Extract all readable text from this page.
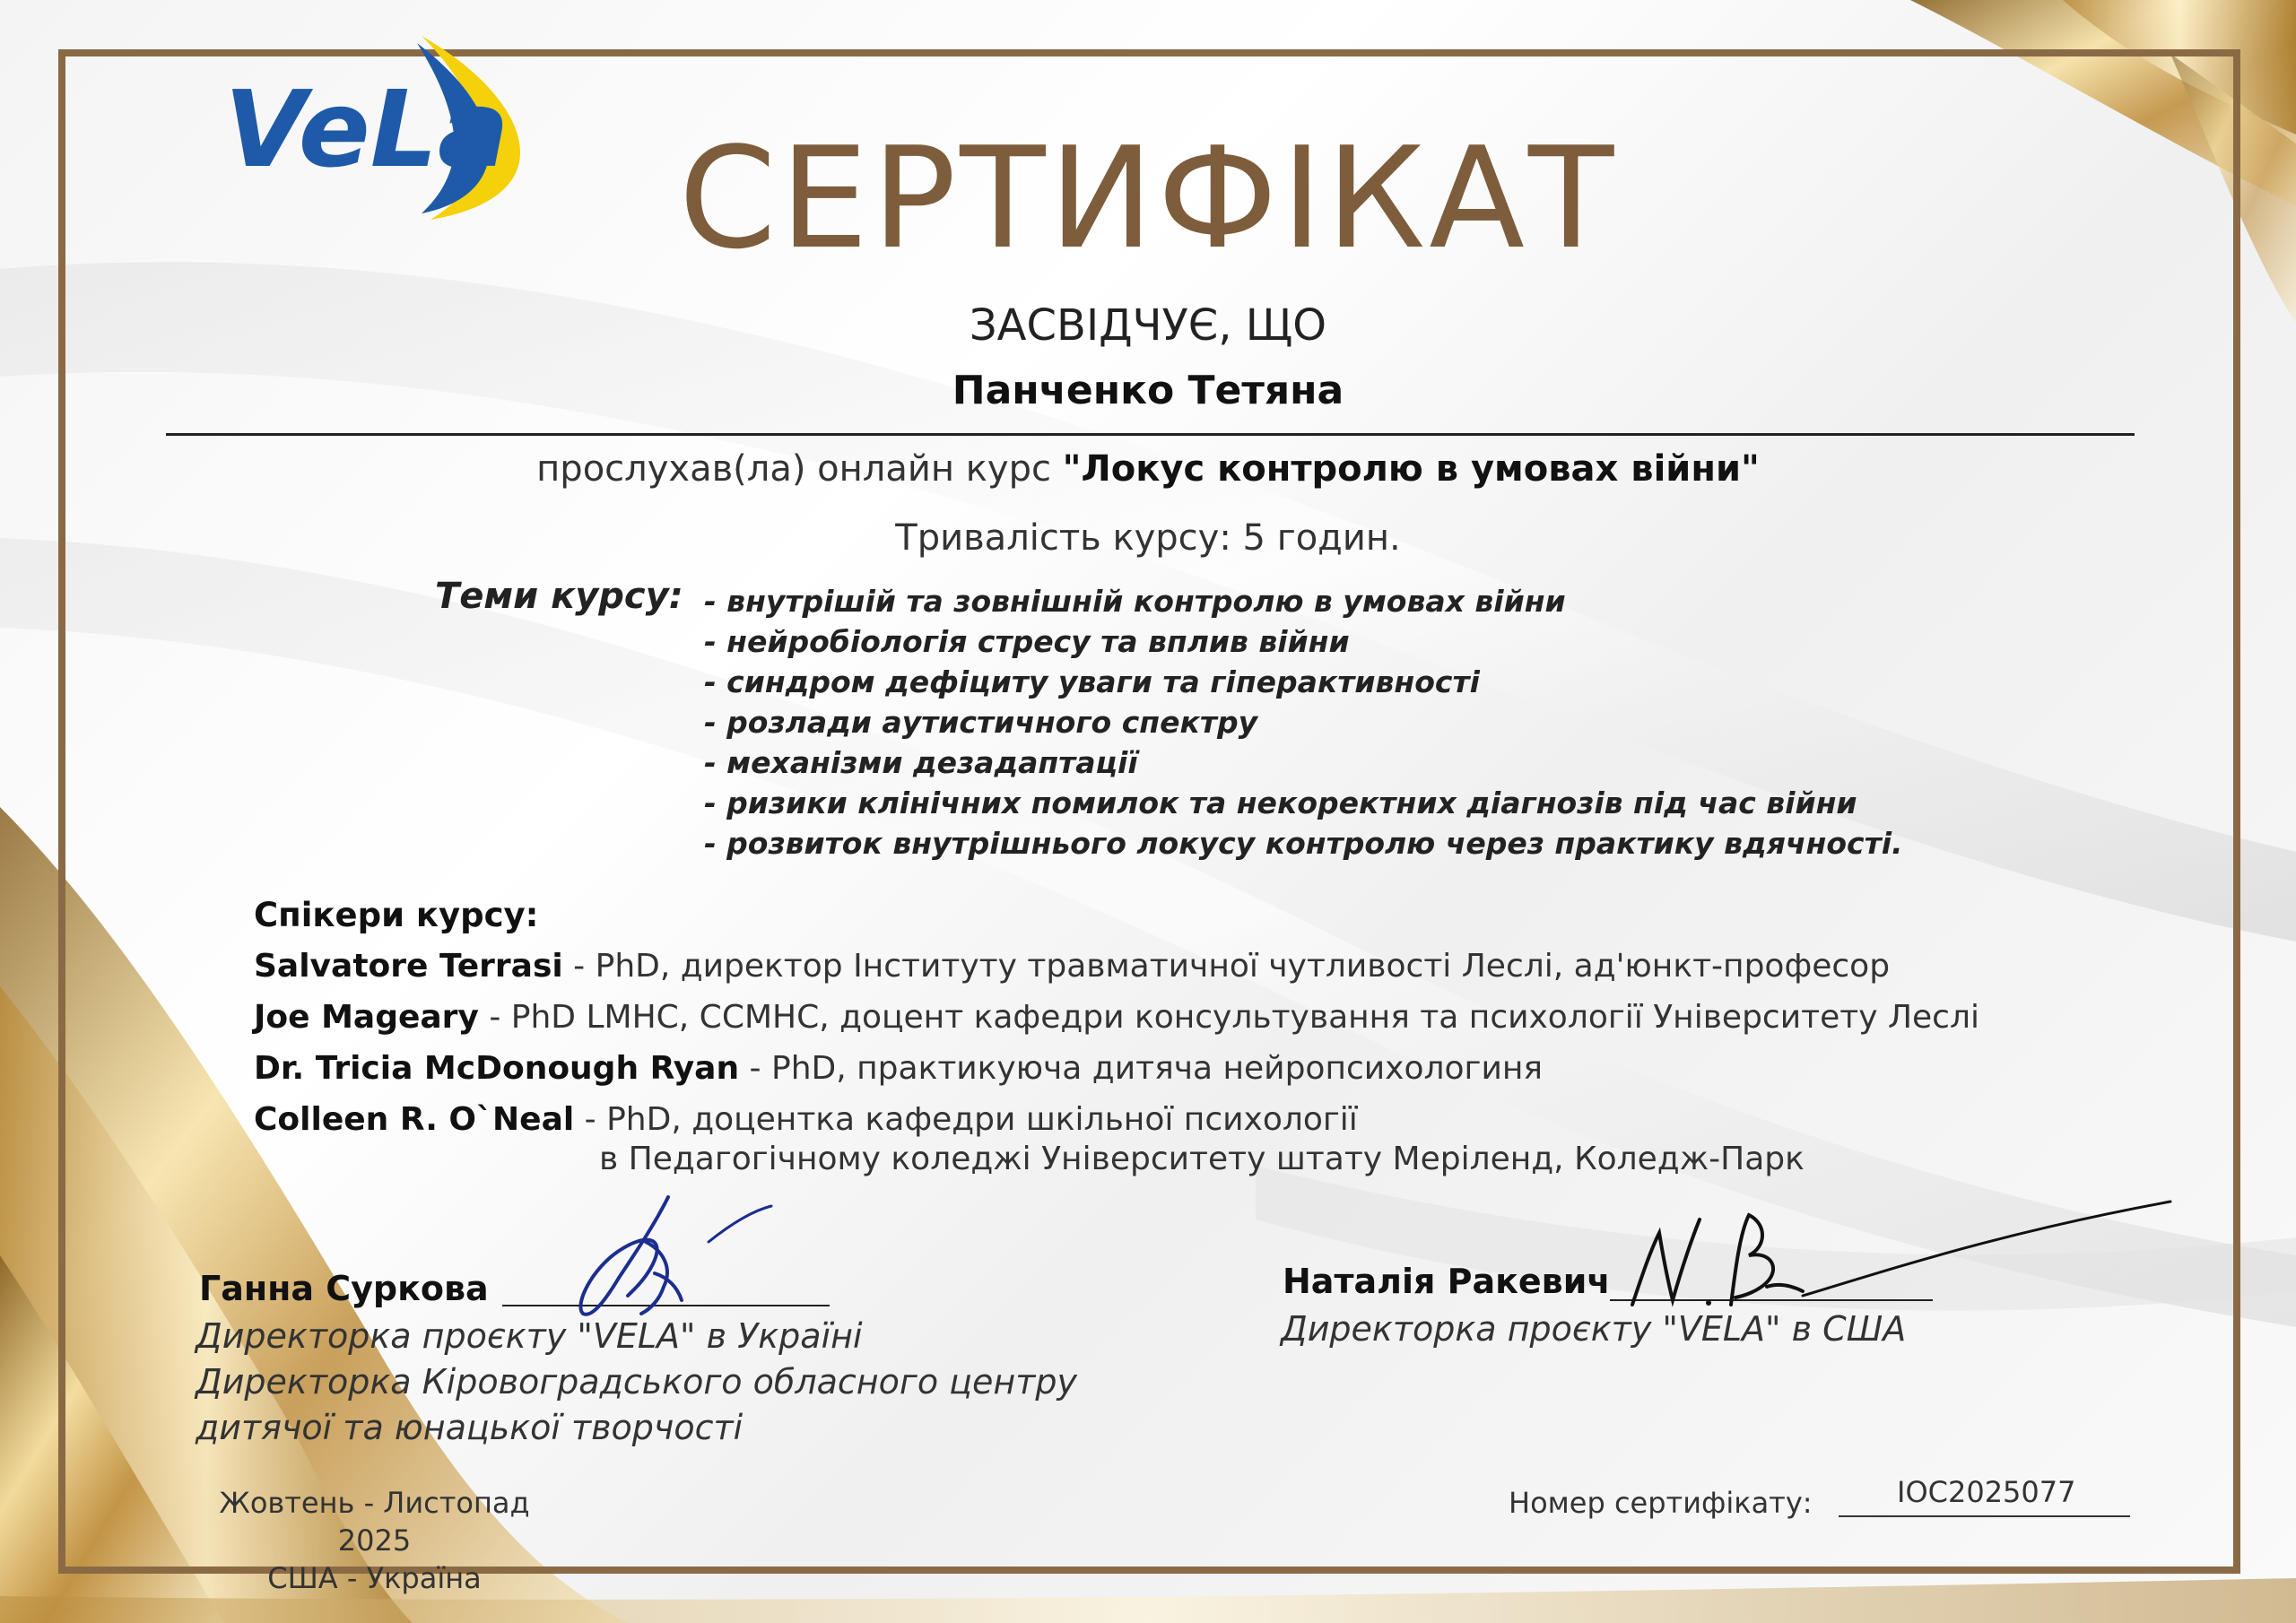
VeLa	СЕРТИФІКАТ
ЗАСВІДЧУЄ, ЩО
Панченко Тетяна
прослухав(ла) онлайн курс "Локус контролю в умовах війни"
Тривалість курсу: 5 годин.
Теми курсу: - внутрішій та зовнішній контролю в умовах війни
- нейробіологія стресу та вплив війни
- синдром дефіциту уваги та гіперактивності
- розлади аутистичного спектру
- механізми дезадаптації
- ризики клінічних помилок та некоректних діагнозів під час війни
- розвиток внутрішнього локусу контролю через практику вдячності.
Спікери курсу:
Salvatore Terrasi - PhD, директор Інституту травматичної чутливості Леслі, ад'юнкт-професор
Joe Mageary - PhD LMHC, CCMHC, доцент кафедри консультування та психології Університету Леслі
Dr. Tricia McDonough Ryan - PhD, практикуюча дитяча нейропсихологиня
Colleen R. O`Neal - PhD, доцентка кафедри шкільної психології
в Педагогічному коледжі Університету штату Меріленд, Коледж-Парк
Ганна Суркова
Директорка проєкту "VELA" в Україні
Директорка Кіровоградського обласного центру
дитячої та юнацької творчості
Наталія Ракевич
Директорка проєкту "VELA" в США
Жовтень - Листопад 2025
США - Україна
Номер сертифікату:	IOC2025077
